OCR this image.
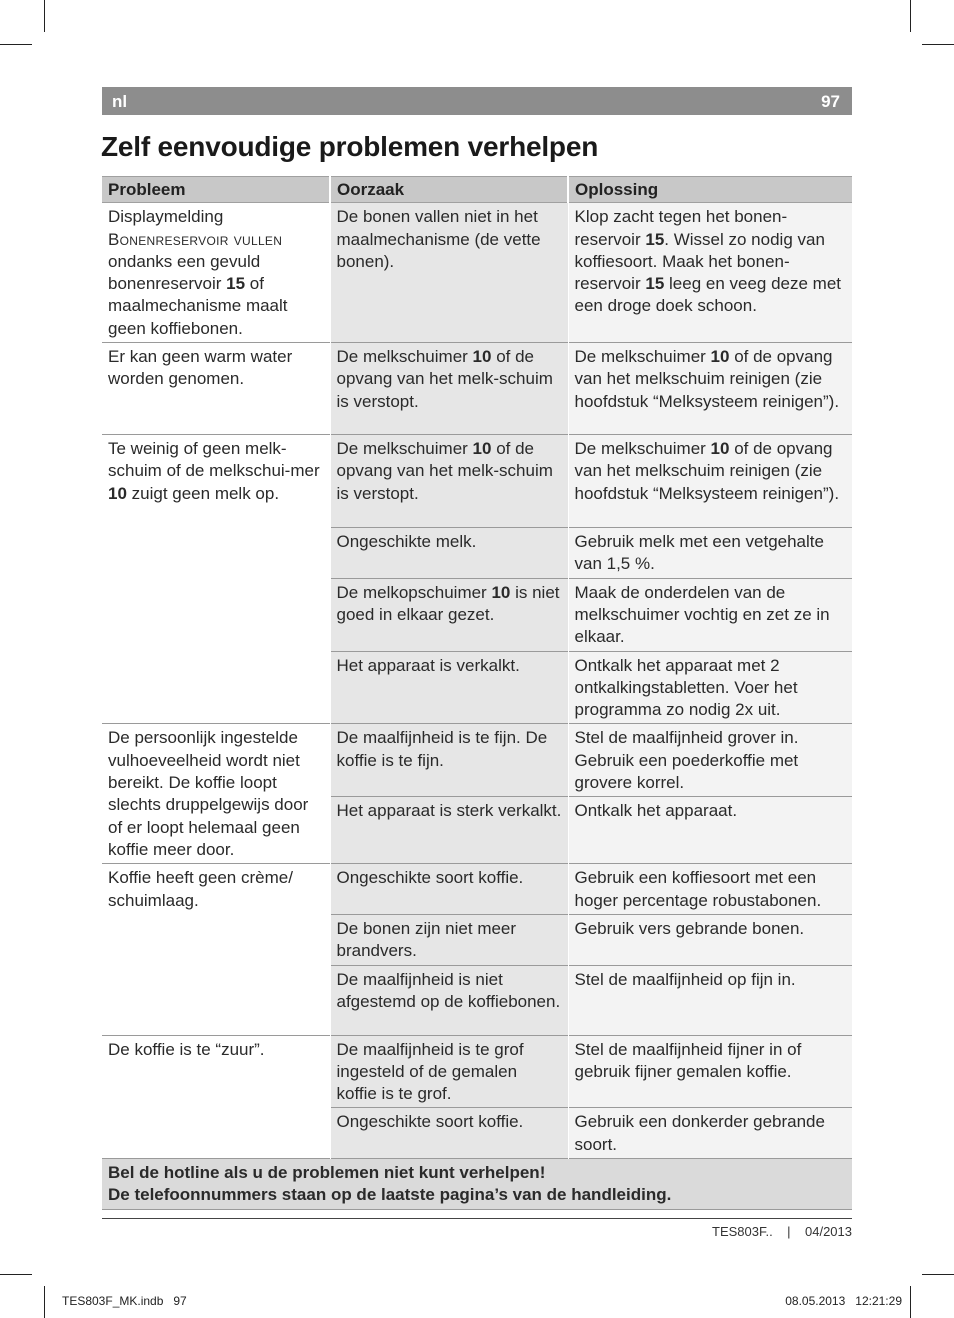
nl	97
Zelf eenvoudige problemen verhelpen
Probleem	Oorzaak	Oplossing
Displaymelding
Bonenreservoir vullen
ondanks een gevuld bonenreservoir 15 of maalmechanisme maalt geen koffiebonen.	De bonen vallen niet in het maalmechanisme (de vette bonen).	Klop zacht tegen het bonen-reservoir 15. Wissel zo nodig van koffiesoort. Maak het bonen-reservoir 15 leeg en veeg deze met een droge doek schoon.
Er kan geen warm water worden genomen.	De melkschuimer 10 of de opvang van het melk-schuim is verstopt.	De melkschuimer 10 of de opvang van het melkschuim reinigen (zie hoofdstuk “Melksysteem reinigen”).
Te weinig of geen melk-schuim of de melkschui-mer 10 zuigt geen melk op.	De melkschuimer 10 of de opvang van het melk-schuim is verstopt.	De melkschuimer 10 of de opvang van het melkschuim reinigen (zie hoofdstuk “Melksysteem reinigen”).
	Ongeschikte melk.	Gebruik melk met een vetgehalte van 1,5 %.
	De melkopschuimer 10 is niet goed in elkaar gezet.	Maak de onderdelen van de melkschuimer vochtig en zet ze in elkaar.
	Het apparaat is verkalkt.	Ontkalk het apparaat met 2 ontkalkingstabletten. Voer het programma zo nodig 2x uit.
De persoonlijk ingestelde vulhoeveelheid wordt niet bereikt. De koffie loopt slechts druppelgewijs door of er loopt helemaal geen koffie meer door.	De maalfijnheid is te fijn. De koffie is te fijn.	Stel de maalfijnheid grover in. Gebruik een poederkoffie met grovere korrel.
	Het apparaat is sterk verkalkt.	Ontkalk het apparaat.
Koffie heeft geen crème/ schuimlaag.	Ongeschikte soort koffie.	Gebruik een koffiesoort met een hoger percentage robustabonen.
	De bonen zijn niet meer brandvers.	Gebruik vers gebrande bonen.
	De maalfijnheid is niet afgestemd op de koffiebonen.	Stel de maalfijnheid op fijn in.
De koffie is te “zuur”.	De maalfijnheid is te grof ingesteld of de gemalen koffie is te grof.	Stel de maalfijnheid fijner in of gebruik fijner gemalen koffie.
	Ongeschikte soort koffie.	Gebruik een donkerder gebrande soort.
Bel de hotline als u de problemen niet kunt verhelpen!
De telefoonnummers staan op de laatste pagina’s van de handleiding.		
TES803F.. | 04/2013
TES803F_MK.indb   97	08.05.2013   12:21:29
